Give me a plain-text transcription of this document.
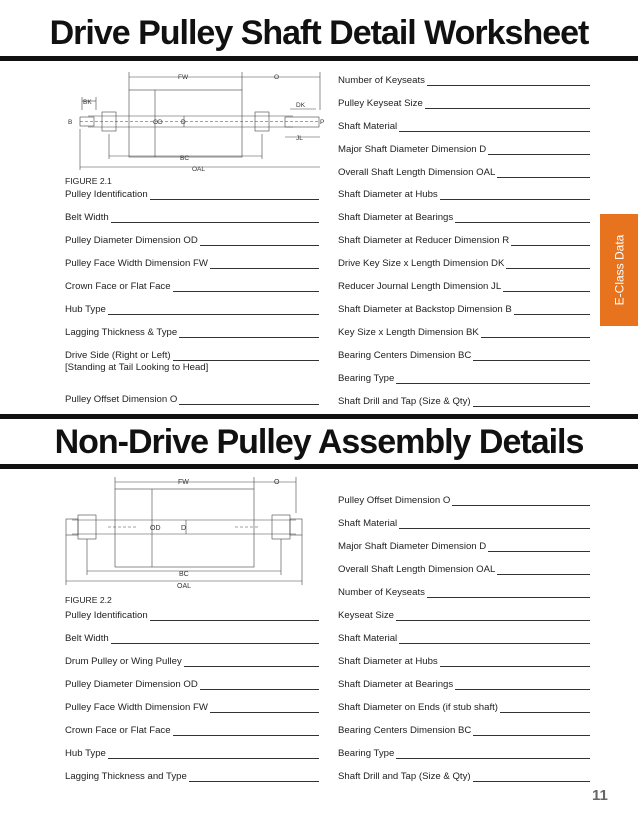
Drive Pulley Shaft Detail Worksheet
FW	O
BK
B	OD	D
DK
P
JL
BC
OAL
FIGURE 2.1
Pulley Identification
Belt Width
Pulley Diameter Dimension OD
Pulley Face Width Dimension FW
Crown Face or Flat Face
Hub Type
Lagging Thickness & Type
Drive Side (Right or Left)
[Standing at Tail Looking to Head]
Pulley Offset Dimension O
Number of Keyseats
Pulley Keyseat Size
Shaft Material
Major Shaft Diameter Dimension D
Overall Shaft Length Dimension OAL
Shaft Diameter at Hubs
Shaft Diameter at Bearings
Shaft Diameter at Reducer Dimension R
Drive Key Size x Length Dimension DK
Reducer Journal Length Dimension JL
Shaft Diameter at Backstop Dimension B
Key Size x Length Dimension BK
Bearing Centers Dimension BC
Bearing Type
Shaft Drill and Tap (Size & Qty)
E-Class Data
Non-Drive Pulley Assembly Details
FW	O
OD	D
BC
OAL
FIGURE 2.2
Pulley Identification
Belt Width
Drum Pulley or Wing Pulley
Pulley Diameter Dimension OD
Pulley Face Width Dimension FW
Crown Face or Flat Face
Hub Type
Lagging Thickness and Type
Pulley Offset Dimension O
Shaft Material
Major Shaft Diameter Dimension D
Overall Shaft Length Dimension OAL
Number of Keyseats
Keyseat Size
Shaft Material
Shaft Diameter at Hubs
Shaft Diameter at Bearings
Shaft Diameter on Ends (if stub shaft)
Bearing Centers Dimension BC
Bearing Type
Shaft Drill and Tap (Size & Qty)
11
